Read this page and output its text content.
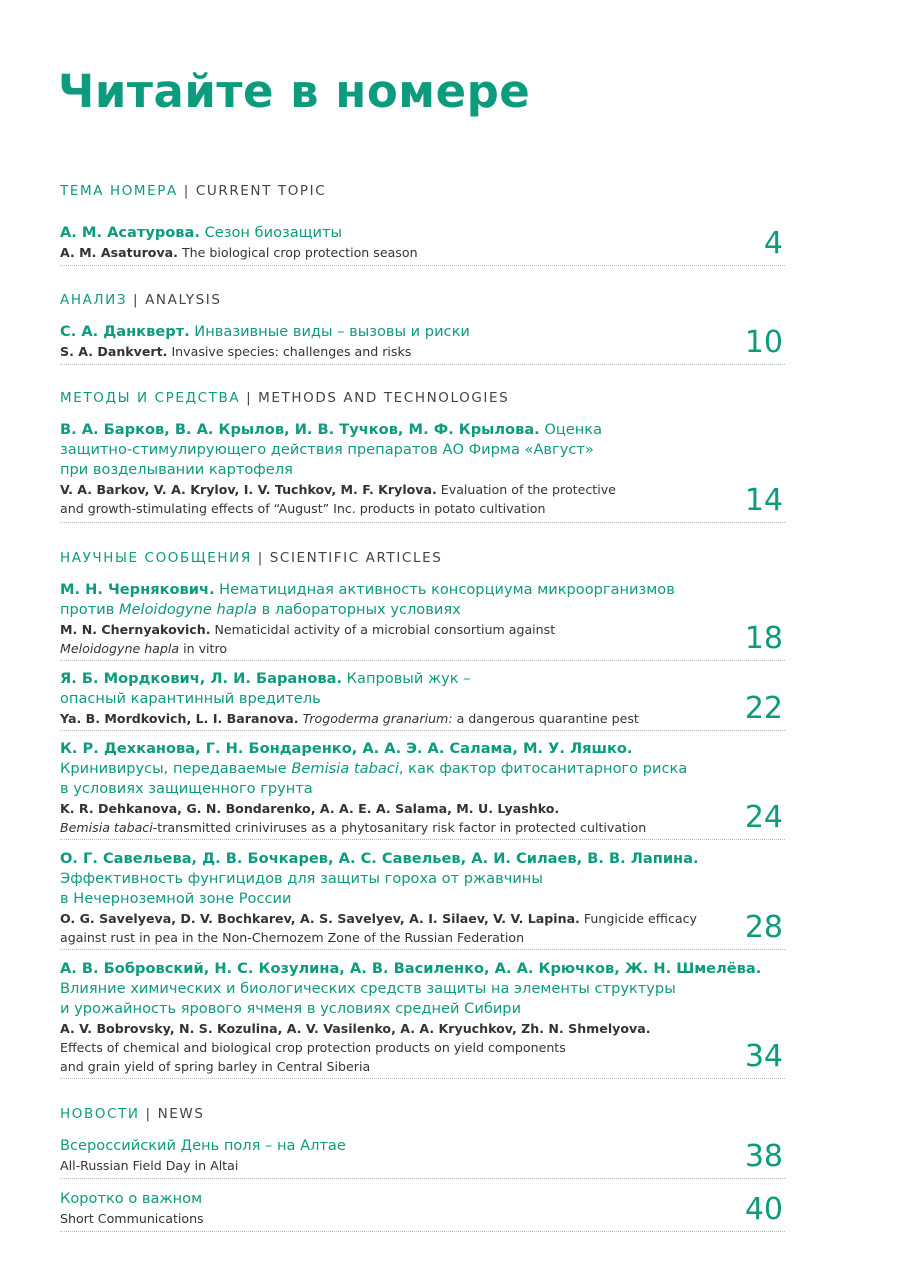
Читайте в номере
ТЕМА НОМЕРА | CURRENT TOPIC
А. М. Асатурова. Сезон биозащиты
A. M. Asaturova. The biological crop protection season	4
АНАЛИЗ | ANALYSIS
С. А. Данкверт. Инвазивные виды – вызовы и риски
S. A. Dankvert. Invasive species: challenges and risks	10
МЕТОДЫ И СРЕДСТВА | METHODS AND TECHNOLOGIES
В. А. Барков, В. А. Крылов, И. В. Тучков, М. Ф. Крылова. Оценка
защитно-стимулирующего действия препаратов АО Фирма «Август»
при возделывании картофеля
V. A. Barkov, V. A. Krylov, I. V. Tuchkov, M. F. Krylova. Evaluation of the protective
and growth-stimulating effects of “August” Inc. products in potato cultivation	14
НАУЧНЫЕ СООБЩЕНИЯ | SCIENTIFIC ARTICLES
М. Н. Чернякович. Нематицидная активность консорциума микроорганизмов
против Meloidogyne hapla в лабораторных условиях
M. N. Chernyakovich. Nematicidal activity of a microbial consortium against
Meloidogyne hapla in vitro	18
Я. Б. Мордкович, Л. И. Баранова. Капровый жук –
опасный карантинный вредитель
Ya. B. Mordkovich, L. I. Baranova. Trogoderma granarium: a dangerous quarantine pest	22
К. Р. Дехканова, Г. Н. Бондаренко, А. А. Э. А. Салама, М. У. Ляшко.
Кринивирусы, передаваемые Bemisia tabaci, как фактор фитосанитарного риска
в условиях защищенного грунта
K. R. Dehkanova, G. N. Bondarenko, A. A. E. A. Salama, M. U. Lyashko.
Bemisia tabaci-transmitted criniviruses as a phytosanitary risk factor in protected cultivation	24
О. Г. Савельева, Д. В. Бочкарев, А. С. Савельев, А. И. Силаев, В. В. Лапина.
Эффективность фунгицидов для защиты гороха от ржавчины
в Нечерноземной зоне России
O. G. Savelyeva, D. V. Bochkarev, A. S. Savelyev, A. I. Silaev, V. V. Lapina. Fungicide efficacy
against rust in pea in the Non-Chernozem Zone of the Russian Federation	28
А. В. Бобровский, Н. С. Козулина, А. В. Василенко, А. А. Крючков, Ж. Н. Шмелёва.
Влияние химических и биологических средств защиты на элементы структуры
и урожайность ярового ячменя в условиях средней Сибири
A. V. Bobrovsky, N. S. Kozulina, A. V. Vasilenko, A. A. Kryuchkov, Zh. N. Shmelyova.
Effects of chemical and biological crop protection products on yield components
and grain yield of spring barley in Central Siberia	34
НОВОСТИ | NEWS
Всероссийский День поля – на Алтае
All-Russian Field Day in Altai	38
Коротко о важном
Short Communications	40
